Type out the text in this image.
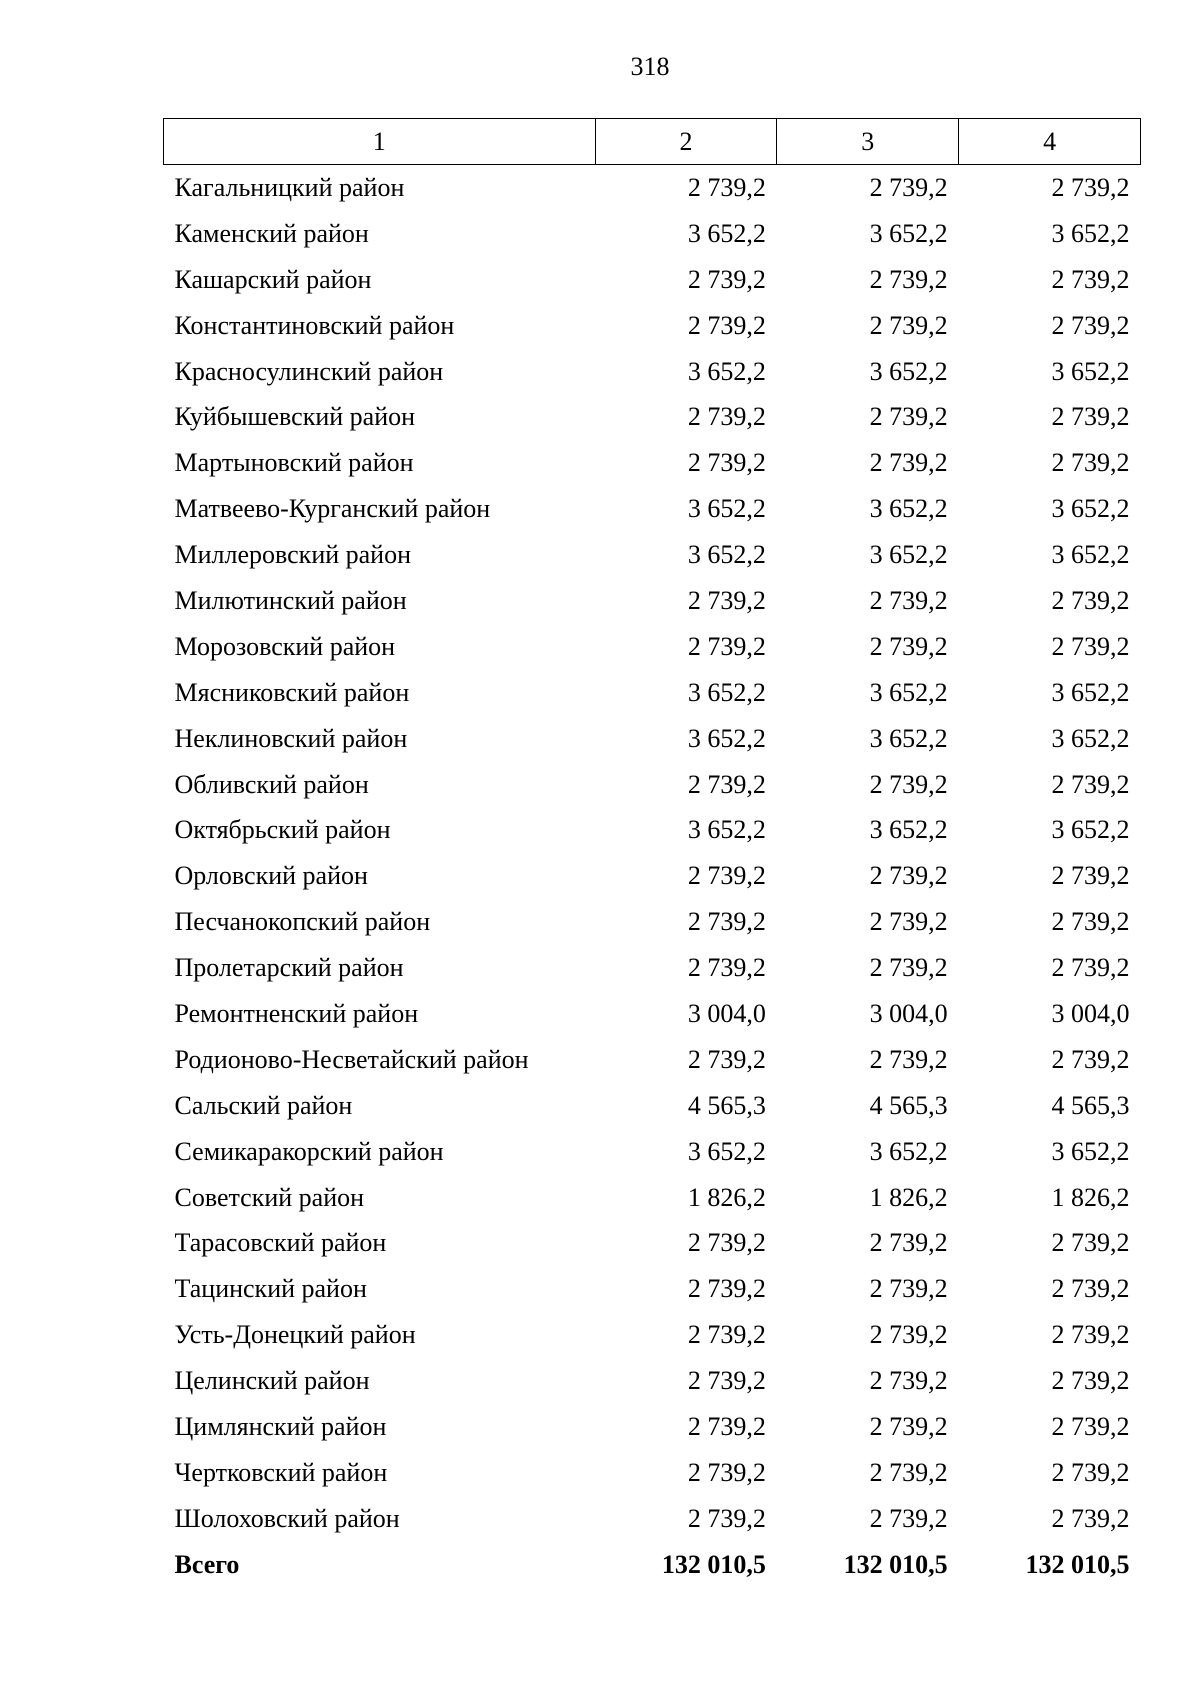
318
1	2	3	4
Кагальницкий район	2 739,2	2 739,2	2 739,2
Каменский район	3 652,2	3 652,2	3 652,2
Кашарский район	2 739,2	2 739,2	2 739,2
Константиновский район	2 739,2	2 739,2	2 739,2
Красносулинский район	3 652,2	3 652,2	3 652,2
Куйбышевский район	2 739,2	2 739,2	2 739,2
Мартыновский район	2 739,2	2 739,2	2 739,2
Матвеево-Курганский район	3 652,2	3 652,2	3 652,2
Миллеровский район	3 652,2	3 652,2	3 652,2
Милютинский район	2 739,2	2 739,2	2 739,2
Морозовский район	2 739,2	2 739,2	2 739,2
Мясниковский район	3 652,2	3 652,2	3 652,2
Неклиновский район	3 652,2	3 652,2	3 652,2
Обливский район	2 739,2	2 739,2	2 739,2
Октябрьский район	3 652,2	3 652,2	3 652,2
Орловский район	2 739,2	2 739,2	2 739,2
Песчанокопский район	2 739,2	2 739,2	2 739,2
Пролетарский район	2 739,2	2 739,2	2 739,2
Ремонтненский район	3 004,0	3 004,0	3 004,0
Родионово-Несветайский район	2 739,2	2 739,2	2 739,2
Сальский район	4 565,3	4 565,3	4 565,3
Семикаракорский район	3 652,2	3 652,2	3 652,2
Советский район	1 826,2	1 826,2	1 826,2
Тарасовский район	2 739,2	2 739,2	2 739,2
Тацинский район	2 739,2	2 739,2	2 739,2
Усть-Донецкий район	2 739,2	2 739,2	2 739,2
Целинский район	2 739,2	2 739,2	2 739,2
Цимлянский район	2 739,2	2 739,2	2 739,2
Чертковский район	2 739,2	2 739,2	2 739,2
Шолоховский район	2 739,2	2 739,2	2 739,2
Всего	132 010,5	132 010,5	132 010,5
